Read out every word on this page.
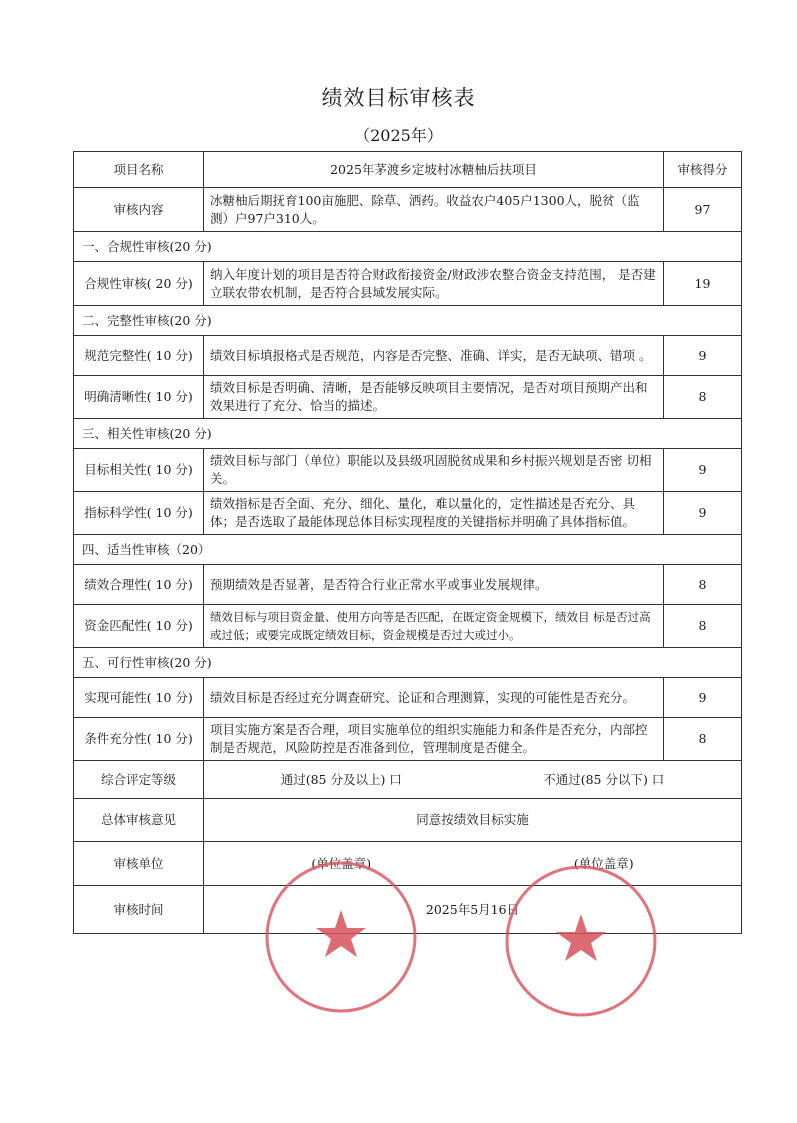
绩效目标审核表
（2025年）
项目名称	2025年茅渡乡定坡村冰糖柚后扶项目	审核得分
审核内容	冰糖柚后期抚育100亩施肥、除草、洒药。收益农户405户1300人，脱贫（监测）户97户310人。	97
一、合规性审核(20 分)		
合规性审核( 20 分)	纳入年度计划的项目是否符合财政衔接资金/财政涉农整合资金支持范围， 是否建立联农带农机制，是否符合县域发展实际。	19
二、完整性审核(20 分)		
规范完整性( 10 分)	绩效目标填报格式是否规范，内容是否完整、准确、详实，是否无缺项、错项 。	9
明确清晰性( 10 分)	绩效目标是否明确、清晰，是否能够反映项目主要情况，是否对项目预期产出和效果进行了充分、恰当的描述。	8
三、相关性审核(20 分)		
目标相关性( 10 分)	绩效目标与部门（单位）职能以及县级巩固脱贫成果和乡村振兴规划是否密 切相关。	9
指标科学性( 10 分)	绩效指标是否全面、充分、细化、量化，难以量化的，定性描述是否充分、具体；是否选取了最能体现总体目标实现程度的关键指标并明确了具体指标值。	9
四、适当性审核（20）		
绩效合理性( 10 分)	预期绩效是否显著，是否符合行业正常水平或事业发展规律。	8
资金匹配性( 10 分)	绩效目标与项目资金量、使用方向等是否匹配，在既定资金规模下，绩效目 标是否过高或过低；或要完成既定绩效目标，资金规模是否过大或过小。	8
五、可行性审核(20 分)		
实现可能性( 10 分)	绩效目标是否经过充分调查研究、论证和合理测算，实现的可能性是否充分。	9
条件充分性( 10 分)	项目实施方案是否合理，项目实施单位的组织实施能力和条件是否充分，内部控制是否规范，风险防控是否准备到位，管理制度是否健全。	8
综合评定等级	通过(85 分及以上) 口 不通过(85 分以下) 口	

总体审核意见	同意按绩效目标实施	
审核单位	(单位盖章) (单位盖章)	

审核时间	2025年5月16日	
